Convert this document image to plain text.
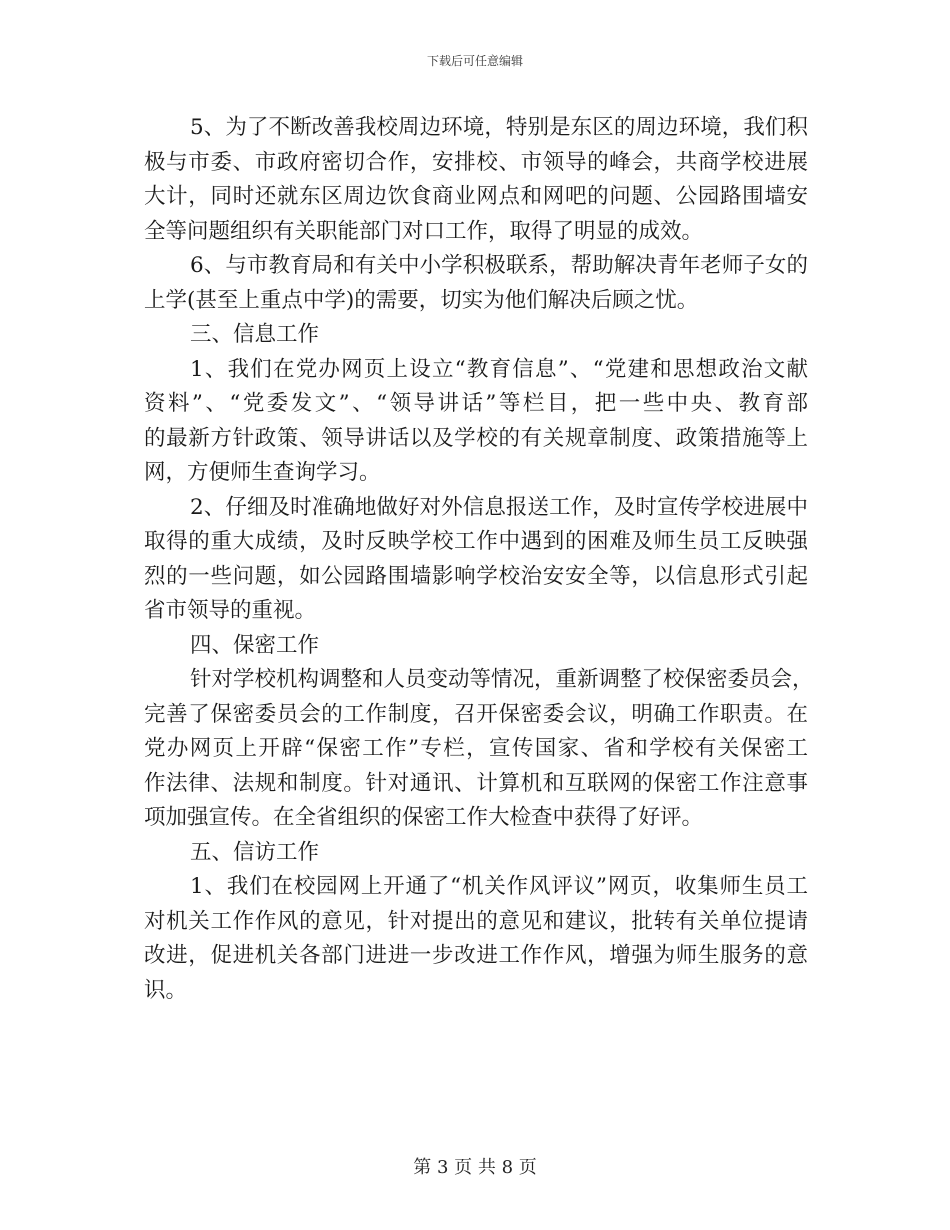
下载后可任意编辑
5、为了不断改善我校周边环境，特别是东区的周边环境，我们积
极与市委、市政府密切合作，安排校、市领导的峰会，共商学校进展
大计，同时还就东区周边饮食商业网点和网吧的问题、公园路围墙安
全等问题组织有关职能部门对口工作，取得了明显的成效。
6、与市教育局和有关中小学积极联系，帮助解决青年老师子女的
上学(甚至上重点中学)的需要，切实为他们解决后顾之忧。
三、信息工作
1、我们在党办网页上设立“教育信息”、“党建和思想政治文献
资料”、“党委发文”、“领导讲话”等栏目，把一些中央、教育部
的最新方针政策、领导讲话以及学校的有关规章制度、政策措施等上
网，方便师生查询学习。
2、仔细及时准确地做好对外信息报送工作，及时宣传学校进展中
取得的重大成绩，及时反映学校工作中遇到的困难及师生员工反映强
烈的一些问题，如公园路围墙影响学校治安安全等，以信息形式引起
省市领导的重视。
四、保密工作
针对学校机构调整和人员变动等情况，重新调整了校保密委员会，
完善了保密委员会的工作制度，召开保密委会议，明确工作职责。在
党办网页上开辟“保密工作”专栏，宣传国家、省和学校有关保密工
作法律、法规和制度。针对通讯、计算机和互联网的保密工作注意事
项加强宣传。在全省组织的保密工作大检查中获得了好评。
五、信访工作
1、我们在校园网上开通了“机关作风评议”网页，收集师生员工
对机关工作作风的意见，针对提出的意见和建议，批转有关单位提请
改进，促进机关各部门进进一步改进工作作风，增强为师生服务的意
识。
第 3 页 共 8 页
